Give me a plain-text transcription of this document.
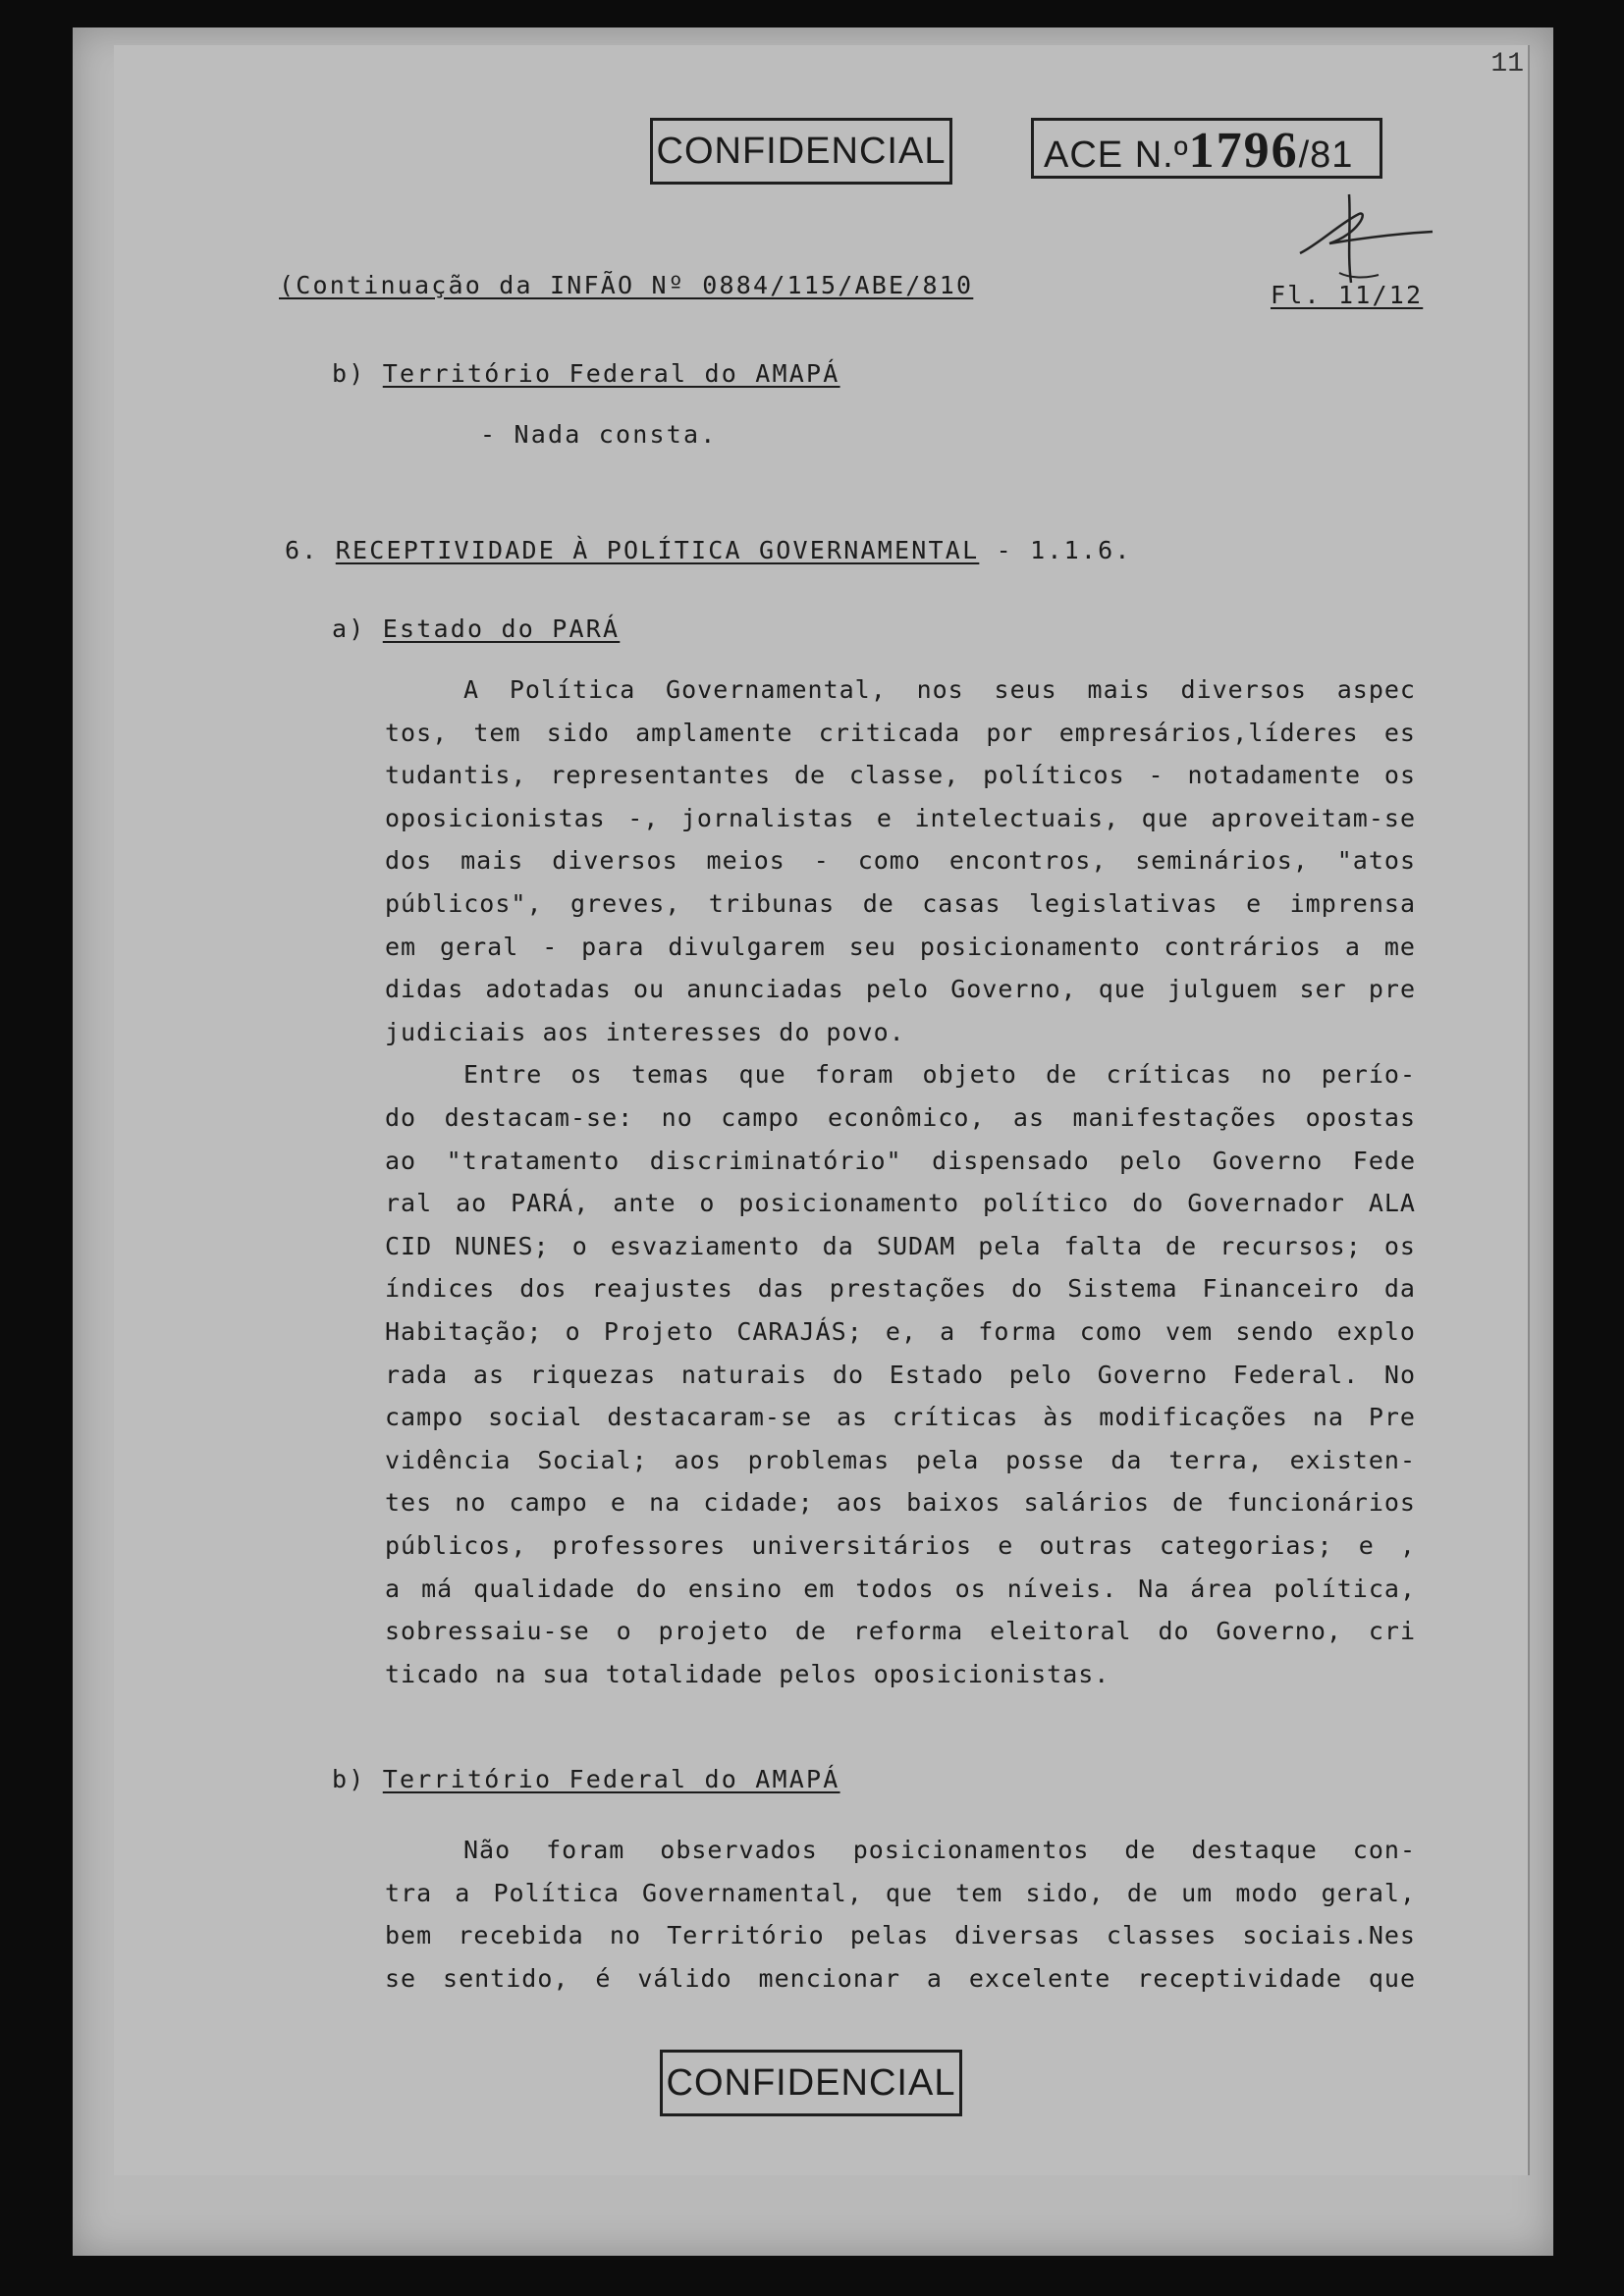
11
CONFIDENCIAL	ACE N.º1796/81
(Continuação da INFÃO Nº 0884/115/ABE/810	Fl. 11/12
b) Território Federal do AMAPÁ
- Nada consta.
6. RECEPTIVIDADE À POLÍTICA GOVERNAMENTAL - 1.1.6.
a) Estado do PARÁ
A Política Governamental, nos seus mais diversos aspec
tos, tem sido amplamente criticada por empresários,líderes es
tudantis, representantes de classe, políticos - notadamente os
oposicionistas -, jornalistas e intelectuais, que aproveitam-se
dos mais diversos meios - como encontros, seminários, "atos
públicos", greves, tribunas de casas legislativas e imprensa
em geral - para divulgarem seu posicionamento contrários a me
didas adotadas ou anunciadas pelo Governo, que julguem ser pre
judiciais aos interesses do povo.
Entre os temas que foram objeto de críticas no perío-
do destacam-se: no campo econômico, as manifestações opostas
ao "tratamento discriminatório" dispensado pelo Governo Fede
ral ao PARÁ, ante o posicionamento político do Governador ALA
CID NUNES; o esvaziamento da SUDAM pela falta de recursos; os
índices dos reajustes das prestações do Sistema Financeiro da
Habitação; o Projeto CARAJÁS; e, a forma como vem sendo explo
rada as riquezas naturais do Estado pelo Governo Federal. No
campo social destacaram-se as críticas às modificações na Pre
vidência Social; aos problemas pela posse da terra, existen-
tes no campo e na cidade; aos baixos salários de funcionários
públicos, professores universitários e outras categorias; e ,
a má qualidade do ensino em todos os níveis. Na área política,
sobressaiu-se o projeto de reforma eleitoral do Governo, cri
ticado na sua totalidade pelos oposicionistas.
b) Território Federal do AMAPÁ
Não foram observados posicionamentos de destaque con-
tra a Política Governamental, que tem sido, de um modo geral,
bem recebida no Território pelas diversas classes sociais.Nes
se sentido, é válido mencionar a excelente receptividade que
CONFIDENCIAL
